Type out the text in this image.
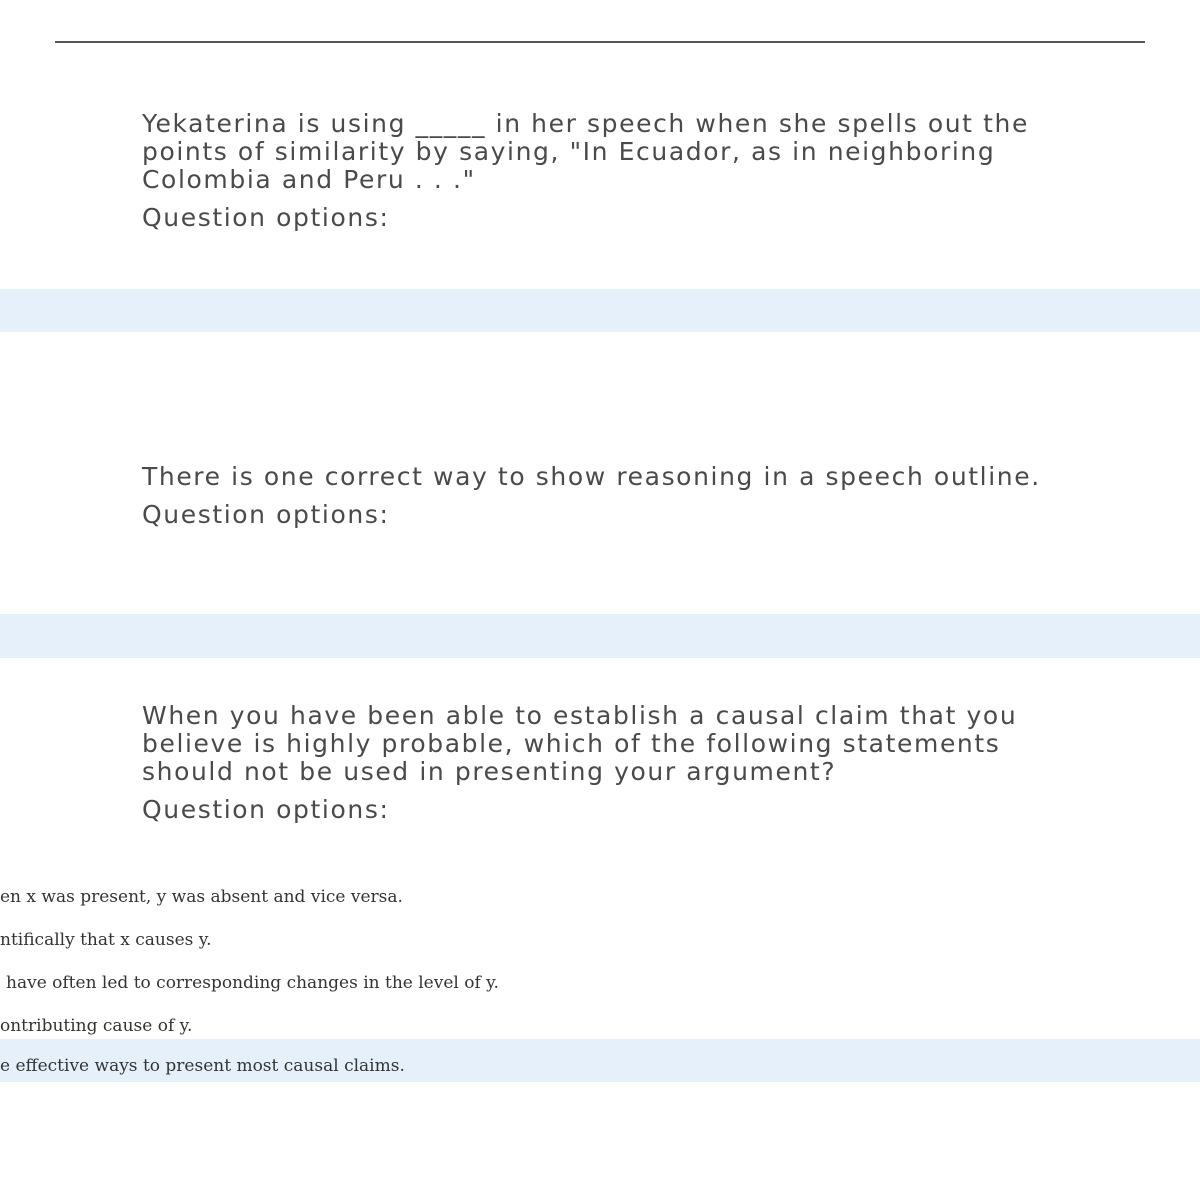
Yekaterina is using _____ in her speech when she spells out the points of similarity by saying, "In Ecuador, as in neighboring Colombia and Peru . . ."

Question options:

There is one correct way to show reasoning in a speech outline.

Question options:

When you have been able to establish a causal claim that you believe is highly probable, which of the following statements should not be used in presenting your argument?

Question options:
en x was present, y was absent and vice versa.
ntifically that x causes y.
have often led to corresponding changes in the level of y.
ontributing cause of y.
e effective ways to present most causal claims.
